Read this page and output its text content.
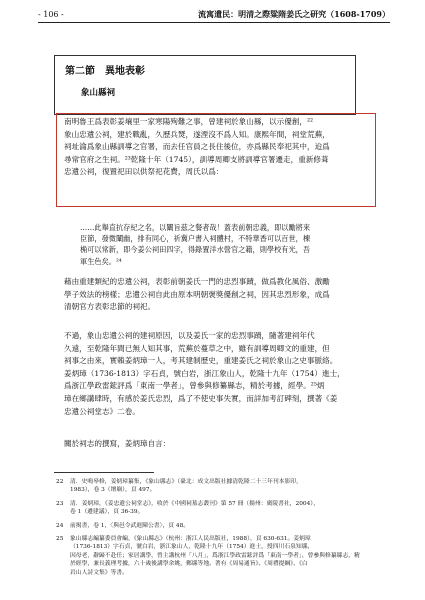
- 106 -	流寓遺民：明清之際粱隋姜氏之研究（1608-1709）
第二節　異地表彰
象山縣祠
南明魯王爲表彰姜壤里一家寒陽殉難之事，曾建祠於象山縣，以示優創，²²
象山忠遺公祠，建於戰亂，久歷兵燹，遂湮沒不爲人知。康熙年間，祠堂荒蕪，
祠址淪爲象山縣訓導之官署，而去任官員之長住後位，亦爲縣民奉祀其中，迨爲
尋常官府之生祠。²³乾隆十年（1745），訓導周卿支將訓導官署遷走，重新修葺
忠遺公祠，復置祀田以供祭祀花費，周氏以爲：
……此舉直抗存紀之名，以闡旨茲之餐者哉！蓋表前朝忠義，即以勵將來
臣節，發微闡幽，排有同心，祈冀户書入祠體村，不特華香可以百世，棟
桷可以常新，即今姜公祠田四字，得錄置洋水營官之籍，則學校有光，吾
軍生色矣。²⁴
藉由重建類紀的忠遺公祠，表彰前朝姜氏一門的忠烈事蹟，做爲教化風俗、激勵
學子效法的榜樣；忠遺公祠自此由原本明朝褒獎優創之祠，因其忠烈形象，成爲
清朝官方表彰忠節的祠祀。
不過，象山忠遺公祠的建祠原因，以及姜氏一家的忠烈事蹟，隨著建祠年代
久遠，至乾隆年間已無人知其事，荒蕪於蔓草之中，雖有訓導周卿文的重建，但
祠事之由來，實賴姜炳璋一人，考其建制歷史，重建姜氏之祠於象山之史事脈絡。
姜炳璋（1736-1813）字石貞，號白岩，浙江象山人，乾隆十九年（1754）進士，
爲浙江學政雷鋐評爲「東南一學者」，曾參與修纂縣志，精於考據，經學。²⁵炳
璋在鄉講肆時，有感於姜氏忠烈，爲了不使史事失實，而詳加考訂碑刻，撰著《姜
忠遺公祠堂志》二卷。
關於祠志的撰寫，姜炳璋自言：
22 清．史鳴皋修，姜炳璋纂集，《象山縣志》（臺北：成文出版社據清乾隆二十三年刊本影印，
1983），卷 3（壇廟），頁 497。
23 清．姜炳璋，《姜忠遺公祠堂志》，收於《中國祠墓志叢刊》第 57 冊（揚州：廣陵書社，2004），
卷 1（遷建議），頁 36-39。
24 前揭書，卷 1，〈與邑令武進陳公書〉，頁 48。
25 象山縣志編纂委員會編，《象山縣志》（杭州：浙江人民出版社，1988），頁 630-631。姜炳璋
（1736-1813）字石貞，號白岩，浙江象山人，乾隆十九年（1754）進士，授四川石泉知縣，
因母老，辭歸不赴任；家居講學，曾主講杭州「八月」，爲浙江學政雷鋐評爲「東南一學者」，曾參與修纂縣志，精
於經學，兼長義理考據，六十歲後講學余姚，郵縣等地。著有《周易通旨》、《周禮提綱》、《白
岩山人詩文集》等書。
